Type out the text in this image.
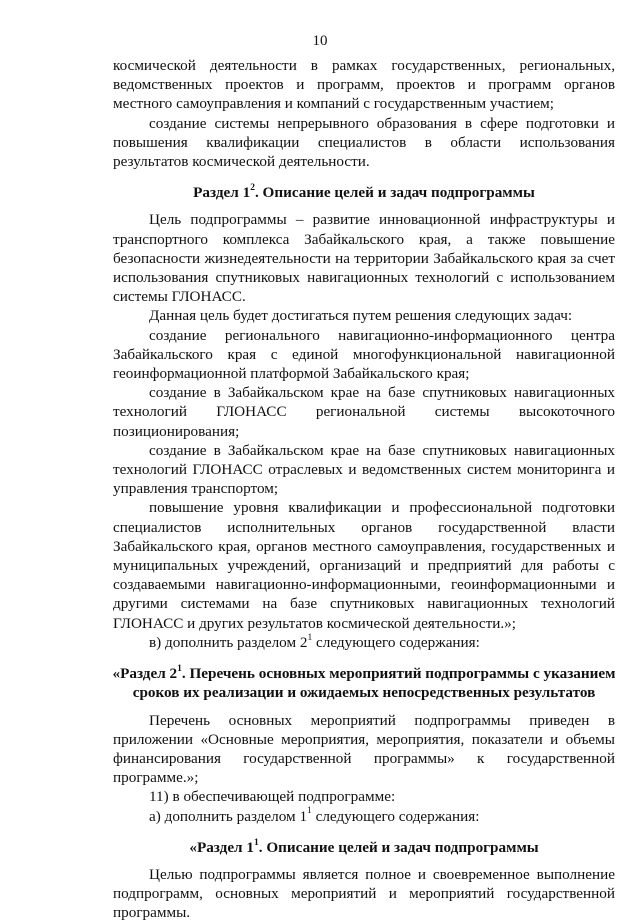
10

космической деятельности в рамках государственных, региональных, ведомственных проектов и программ, проектов и программ органов местного самоуправления и компаний с государственным участием;

создание системы непрерывного образования в сфере подготовки и повышения квалификации специалистов в области использования результатов космической деятельности.

Раздел $1^2$. Описание целей и задач подпрограммы

Цель подпрограммы – развитие инновационной инфраструктуры и транспортного комплекса Забайкальского края, а также повышение безопасности жизнедеятельности на территории Забайкальского края за счет использования спутниковых навигационных технологий с использованием системы ГЛОНАСС.

Данная цель будет достигаться путем решения следующих задач:

создание регионального навигационно-информационного центра Забайкальского края с единой многофункциональной навигационной геоинформационной платформой Забайкальского края;

создание в Забайкальском крае на базе спутниковых навигационных технологий ГЛОНАСС региональной системы высокоточного позиционирования;

создание в Забайкальском крае на базе спутниковых навигационных технологий ГЛОНАСС отраслевых и ведомственных систем мониторинга и управления транспортом;

повышение уровня квалификации и профессиональной подготовки специалистов исполнительных органов государственной власти Забайкальского края, органов местного самоуправления, государственных и муниципальных учреждений, организаций и предприятий для работы с создаваемыми навигационно-информационными, геоинформационными и другими системами на базе спутниковых навигационных технологий ГЛОНАСС и других результатов космической деятельности.»;

в) дополнить разделом $2^1$ следующего содержания:

«Раздел $2^1$. Перечень основных мероприятий подпрограммы с указанием сроков их реализации и ожидаемых непосредственных результатов

Перечень основных мероприятий подпрограммы приведен в приложении «Основные мероприятия, мероприятия, показатели и объемы финансирования государственной программы» к государственной программе.»;

11) в обеспечивающей подпрограмме:

а) дополнить разделом $1^1$ следующего содержания:

«Раздел $1^1$. Описание целей и задач подпрограммы

Целью подпрограммы является полное и своевременное выполнение подпрограмм, основных мероприятий и мероприятий государственной программы.
